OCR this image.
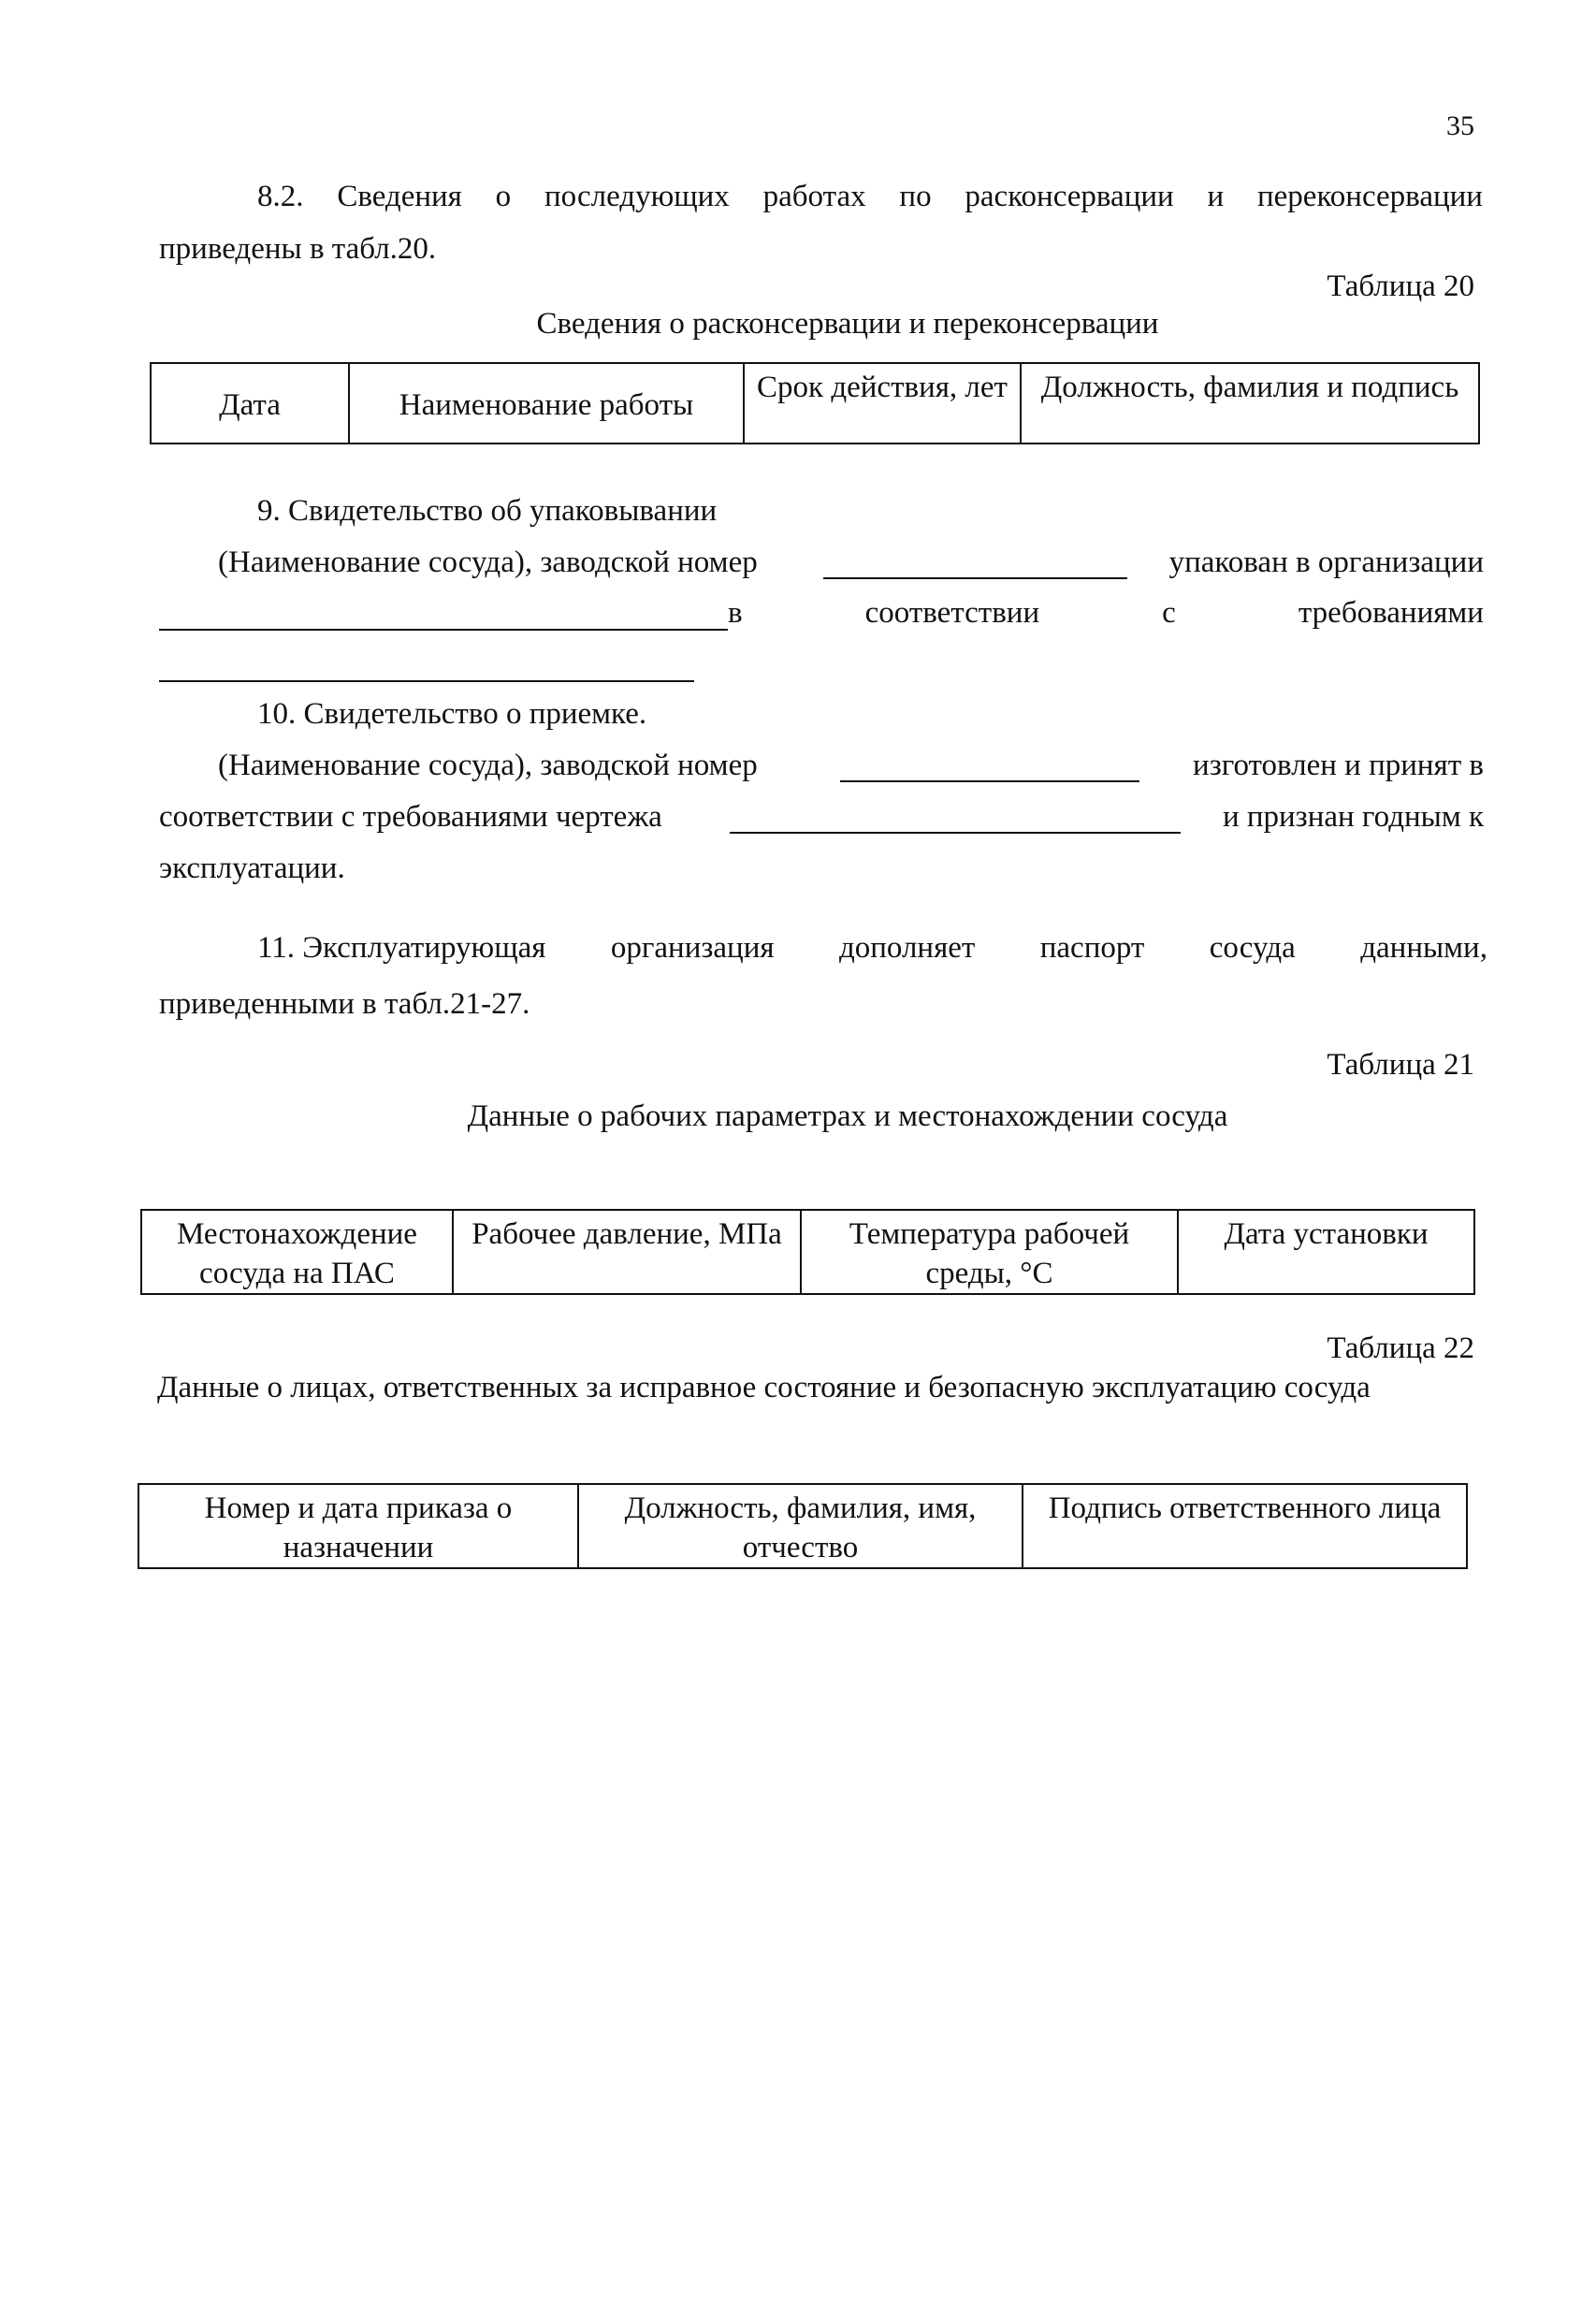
35
8.2. Сведения о последующих работах по расконсервации и переконсервации
приведены в табл.20.
Таблица 20
Сведения о расконсервации и переконсервации
Дата	Наименование работы	Срок действия, лет	Должность, фамилия и подпись
9. Свидетельство об упаковывании
(Наименование сосуда), заводской номер	упакован в организации
в	соответствии	с	требованиями
10. Свидетельство о приемке.
(Наименование сосуда), заводской номер	изготовлен и принят в
соответствии с требованиями чертежа	и признан годным к
эксплуатации.
11. Эксплуатирующая организация дополняет паспорт сосуда данными,
приведенными в табл.21-27.
Таблица 21
Данные о рабочих параметрах и местонахождении сосуда
Местонахождение сосуда на ПАС	Рабочее давление, МПа	Температура рабочей среды, °С	Дата установки
Таблица 22
Данные о лицах, ответственных за исправное состояние и безопасную эксплуатацию сосуда
Номер и дата приказа о назначении	Должность, фамилия, имя, отчество	Подпись ответственного лица
